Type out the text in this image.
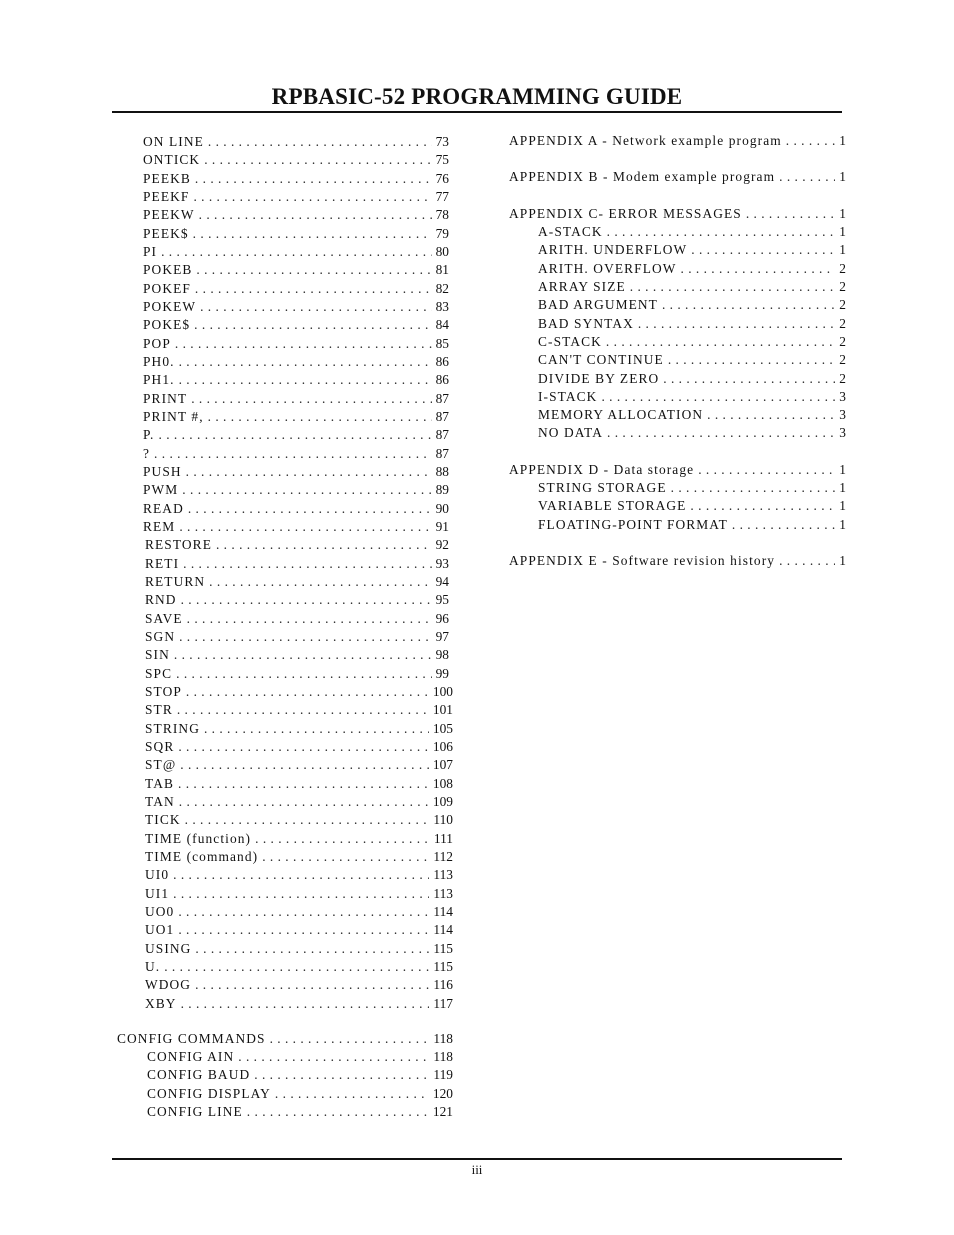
RPBASIC-52 PROGRAMMING GUIDE
ON LINE . . .	73
ONTICK . . .	75
PEEKB . . .	76
PEEKF . . .	77
PEEKW . . .	78
PEEK$ . . .	79
PI . . .	80
POKEB . . .	81
POKEF . . .	82
POKEW . . .	83
POKE$ . . .	84
POP . . .	85
PH0. . . .	86
PH1. . . .	86
PRINT . . .	87
PRINT #, . . .	87
P. . . .	87
? . . .	87
PUSH . . .	88
PWM . . .	89
READ . . .	90
REM . . .	91
RESTORE . . .	92
RETI . . .	93
RETURN . . .	94
RND . . .	95
SAVE . . .	96
SGN . . .	97
SIN . . .	98
SPC . . .	99
STOP . . .	100
STR . . .	101
STRING . . .	105
SQR . . .	106
ST@ . . .	107
TAB . . .	108
TAN . . .	109
TICK . . .	110
TIME (function) . . .	111
TIME (command) . . .	112
UI0 . . .	113
UI1 . . .	113
UO0 . . .	114
UO1 . . .	114
USING . . .	115
U. . . .	115
WDOG . . .	116
XBY . . .	117
CONFIG COMMANDS . . .	118
CONFIG AIN . . .	118
CONFIG BAUD . . .	119
CONFIG DISPLAY . . .	120
CONFIG LINE . . .	121
APPENDIX A - Network example program . . .	1
APPENDIX B - Modem example program . . .	1
APPENDIX C- ERROR MESSAGES . . .	1
A-STACK . . .	1
ARITH. UNDERFLOW . . .	1
ARITH. OVERFLOW . . .	2
ARRAY SIZE . . .	2
BAD ARGUMENT . . .	2
BAD SYNTAX . . .	2
C-STACK . . .	2
CAN'T CONTINUE . . .	2
DIVIDE BY ZERO . . .	2
I-STACK . . .	3
MEMORY ALLOCATION . . .	3
NO DATA . . .	3
APPENDIX D - Data storage . . .	1
STRING STORAGE . . .	1
VARIABLE STORAGE . . .	1
FLOATING-POINT FORMAT . . .	1
APPENDIX E - Software revision history . . .	1
iii
